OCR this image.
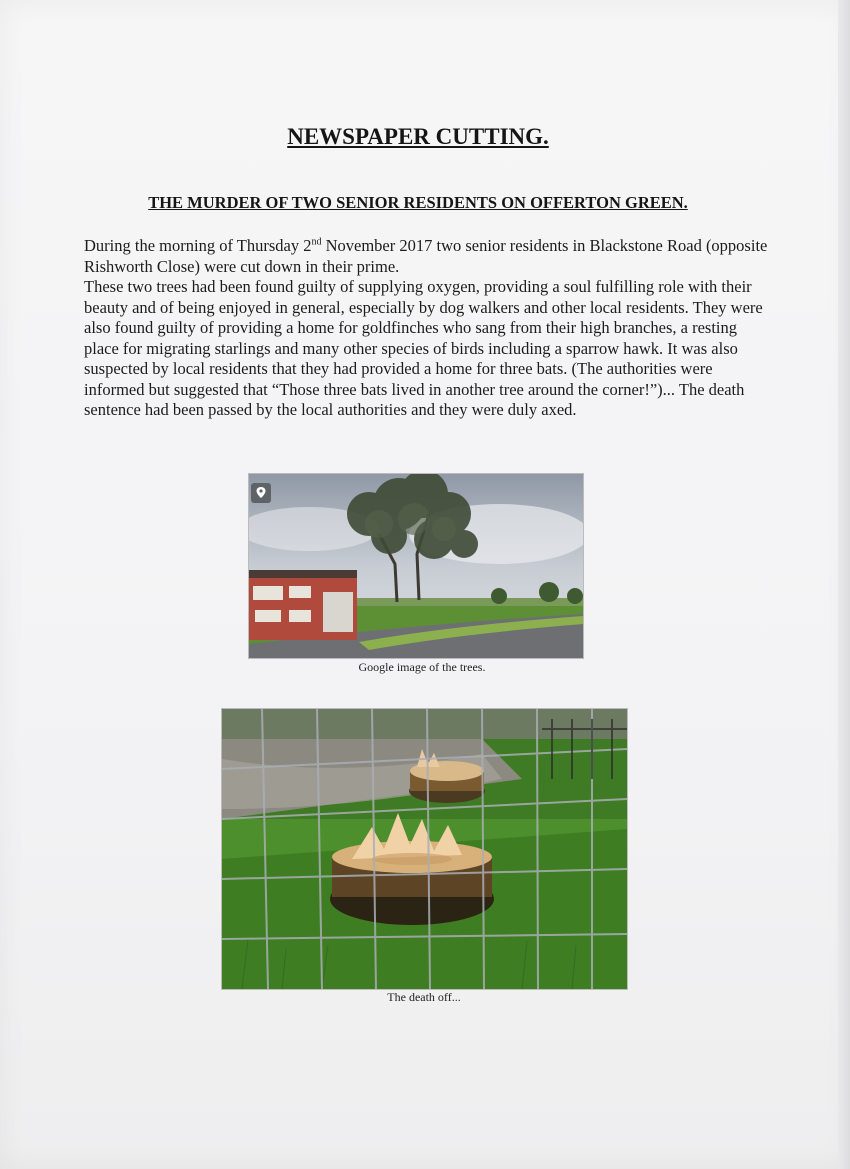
NEWSPAPER CUTTING.
THE MURDER OF TWO SENIOR RESIDENTS ON OFFERTON GREEN.

During the morning of Thursday 2nd November 2017 two senior residents in Blackstone Road (opposite Rishworth Close) were cut down in their prime.

These two trees had been found guilty of supplying oxygen, providing a soul fulfilling role with their beauty and of being enjoyed in general, especially by dog walkers and other local residents. They were also found guilty of providing a home for goldfinches who sang from their high branches, a resting place for migrating starlings and many other species of birds including a sparrow hawk. It was also suspected by local residents that they had provided a home for three bats. (The authorities were informed but suggested that “Those three bats lived in another tree around the corner!”)... The death sentence had been passed by the local authorities and they were duly axed.

Google image of the trees.

The death off...
